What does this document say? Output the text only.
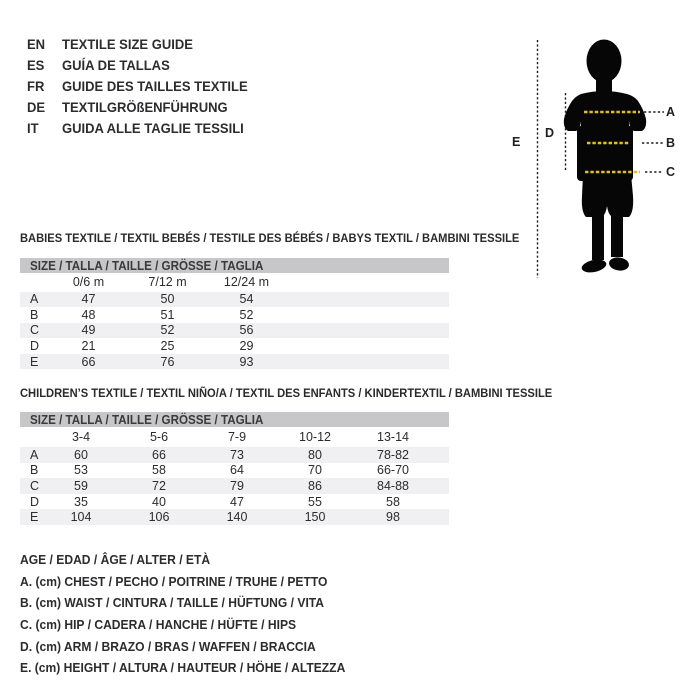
EN	TEXTILE SIZE GUIDE
ES	GUÍA DE TALLAS
FR	GUIDE DES TAILLES TEXTILE
DE	TEXTILGRÖßENFÜHRUNG
IT	GUIDA ALLE TAGLIE TESSILI
A
B
C
D
E
BABIES TEXTILE / TEXTIL BEBÉS / TESTILE DES BÉBÉS / BABYS TEXTIL / BAMBINI TESSILE
SIZE / TALLA / TAILLE / GRÖSSE / TAGLIA
0/6 m	7/12 m	12/24 m
A	47	50	54
B	48	51	52
C	49	52	56
D	21	25	29
E	66	76	93
CHILDREN’S TEXTILE / TEXTIL NIÑO/A / TEXTIL DES ENFANTS / KINDERTEXTIL / BAMBINI TESSILE
SIZE / TALLA / TAILLE / GRÖSSE / TAGLIA
3-4	5-6	7-9	10-12	13-14
A	60	66	73	80	78-82
B	53	58	64	70	66-70
C	59	72	79	86	84-88
D	35	40	47	55	58
E	104	106	140	150	98
AGE / EDAD / ÂGE / ALTER / ETÀ
A. (cm) CHEST / PECHO / POITRINE / TRUHE / PETTO
B. (cm) WAIST / CINTURA / TAILLE / HÜFTUNG / VITA
C. (cm) HIP / CADERA / HANCHE / HÜFTE / HIPS
D. (cm) ARM / BRAZO / BRAS / WAFFEN / BRACCIA
E. (cm) HEIGHT / ALTURA / HAUTEUR / HÖHE / ALTEZZA
